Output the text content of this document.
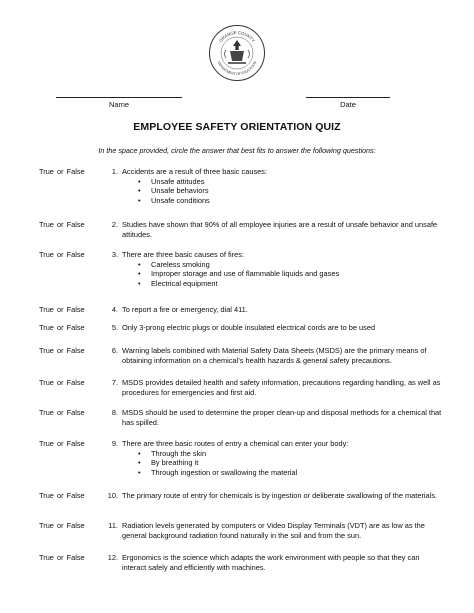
ORANGE COUNTY
DEPARTMENT OF EDUCATION
Name	Date
EMPLOYEE SAFETY ORIENTATION QUIZ
In the space provided, circle the answer that best fits to answer the following questions:
True or False	1. Accidents are a result of three basic causes:
• Unsafe attitudes
• Unsafe behaviors
• Unsafe conditions
True or False	2. Studies have shown that 90% of all employee injuries are a result of unsafe behavior and unsafe attitudes.
True or False	3. There are three basic causes of fires:
• Careless smoking
• Improper storage and use of flammable liquids and gases
• Electrical equipment
True or False	4. To report a fire or emergency, dial 411.
True or False	5. Only 3-prong electric plugs or double insulated electrical cords are to be used
True or False	6. Warning labels combined with Material Safety Data Sheets (MSDS) are the primary means of obtaining information on a chemical’s health hazards & general safety precautions.
True or False	7. MSDS provides detailed health and safety information, precautions regarding handling, as well as procedures for emergencies and first aid.
True or False	8. MSDS should be used to determine the proper clean-up and disposal methods for a chemical that has spilled.
True or False	9. There are three basic routes of entry a chemical can enter your body:
• Through the skin
• By breathing it
• Through ingestion or swallowing the material
True or False	10. The primary route of entry for chemicals is by ingestion or deliberate swallowing of the materials.
True or False	11. Radiation levels generated by computers or Video Display Terminals (VDT) are as low as the general background radiation found naturally in the soil and from the sun.
True or False	12. Ergonomics is the science which adapts the work environment with people so that they can interact safely and efficiently with machines.
